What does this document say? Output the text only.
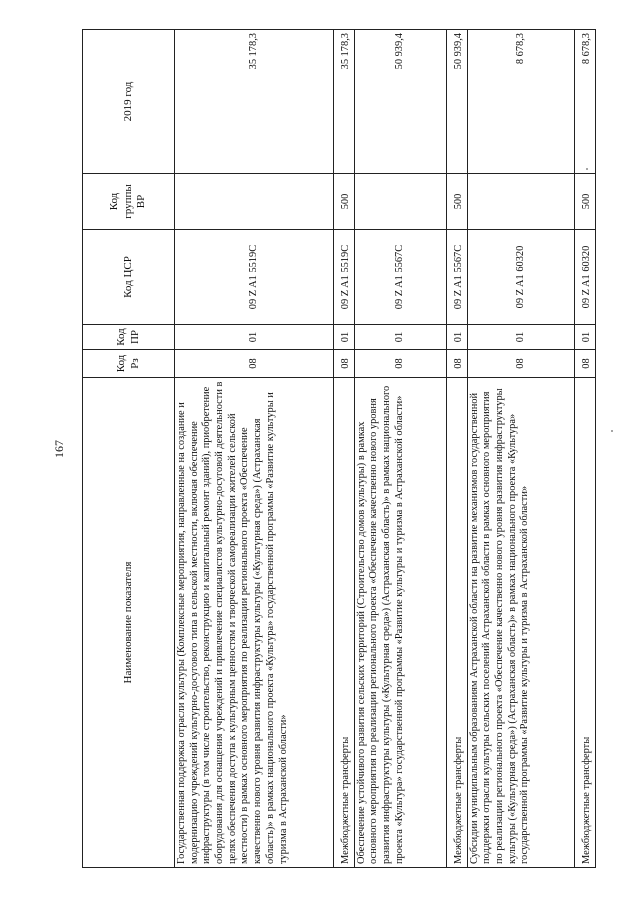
167
Наименование показателя	Код Рз	Код ПР	Код ЦСР	Код группы ВР	2019 год
Государственная поддержка отрасли культуры (Комплексные мероприятия, направленные на создание и модернизацию учреждений культурно-досугового типа в сельской местности, включая обеспечение инфраструктуры (в том числе строительство, реконструкцию и капитальный ремонт зданий), приобретение оборудования для оснащения учреждений и привлечение специалистов культурно-досуговой деятельности в целях обеспечения доступа к культурным ценностям и творческой самореализации жителей сельской местности) в рамках основного мероприятия по реализации регионального проекта «Обеспечение качественно нового уровня развития инфраструктуры культуры («Культурная среда») (Астраханская область)» в рамках национального проекта «Культура» государственной программы «Развитие культуры и туризма в Астраханской области»	08	01	09 Z A1 5519C		35 178,3
Межбюджетные трансферты	08	01	09 Z A1 5519C	500	35 178,3
Обеспечение устойчивого развития сельских территорий (Строительство домов культуры) в рамках основного мероприятия по реализации регионального проекта «Обеспечение качественно нового уровня развития инфраструктуры культуры («Культурная среда») (Астраханская область)» в рамках национального проекта «Культура» государственной программы «Развитие культуры и туризма в Астраханской области»	08	01	09 Z A1 5567C		50 939,4
Межбюджетные трансферты	08	01	09 Z A1 5567C	500	50 939,4
Субсидии муниципальным образованиям Астраханской области на развитие механизмов государственной поддержки отрасли культуры сельских поселений Астраханской области в рамках основного мероприятия по реализации регионального проекта «Обеспечение качественно нового уровня развития инфраструктуры культуры («Культурная среда») (Астраханская область)» в рамках национального проекта «Культура» государственной программы «Развитие культуры и туризма в Астраханской области»	08	01	09 Z A1 60320		8 678,3
Межбюджетные трансферты	08	01	09 Z A1 60320	500	8 678,3
